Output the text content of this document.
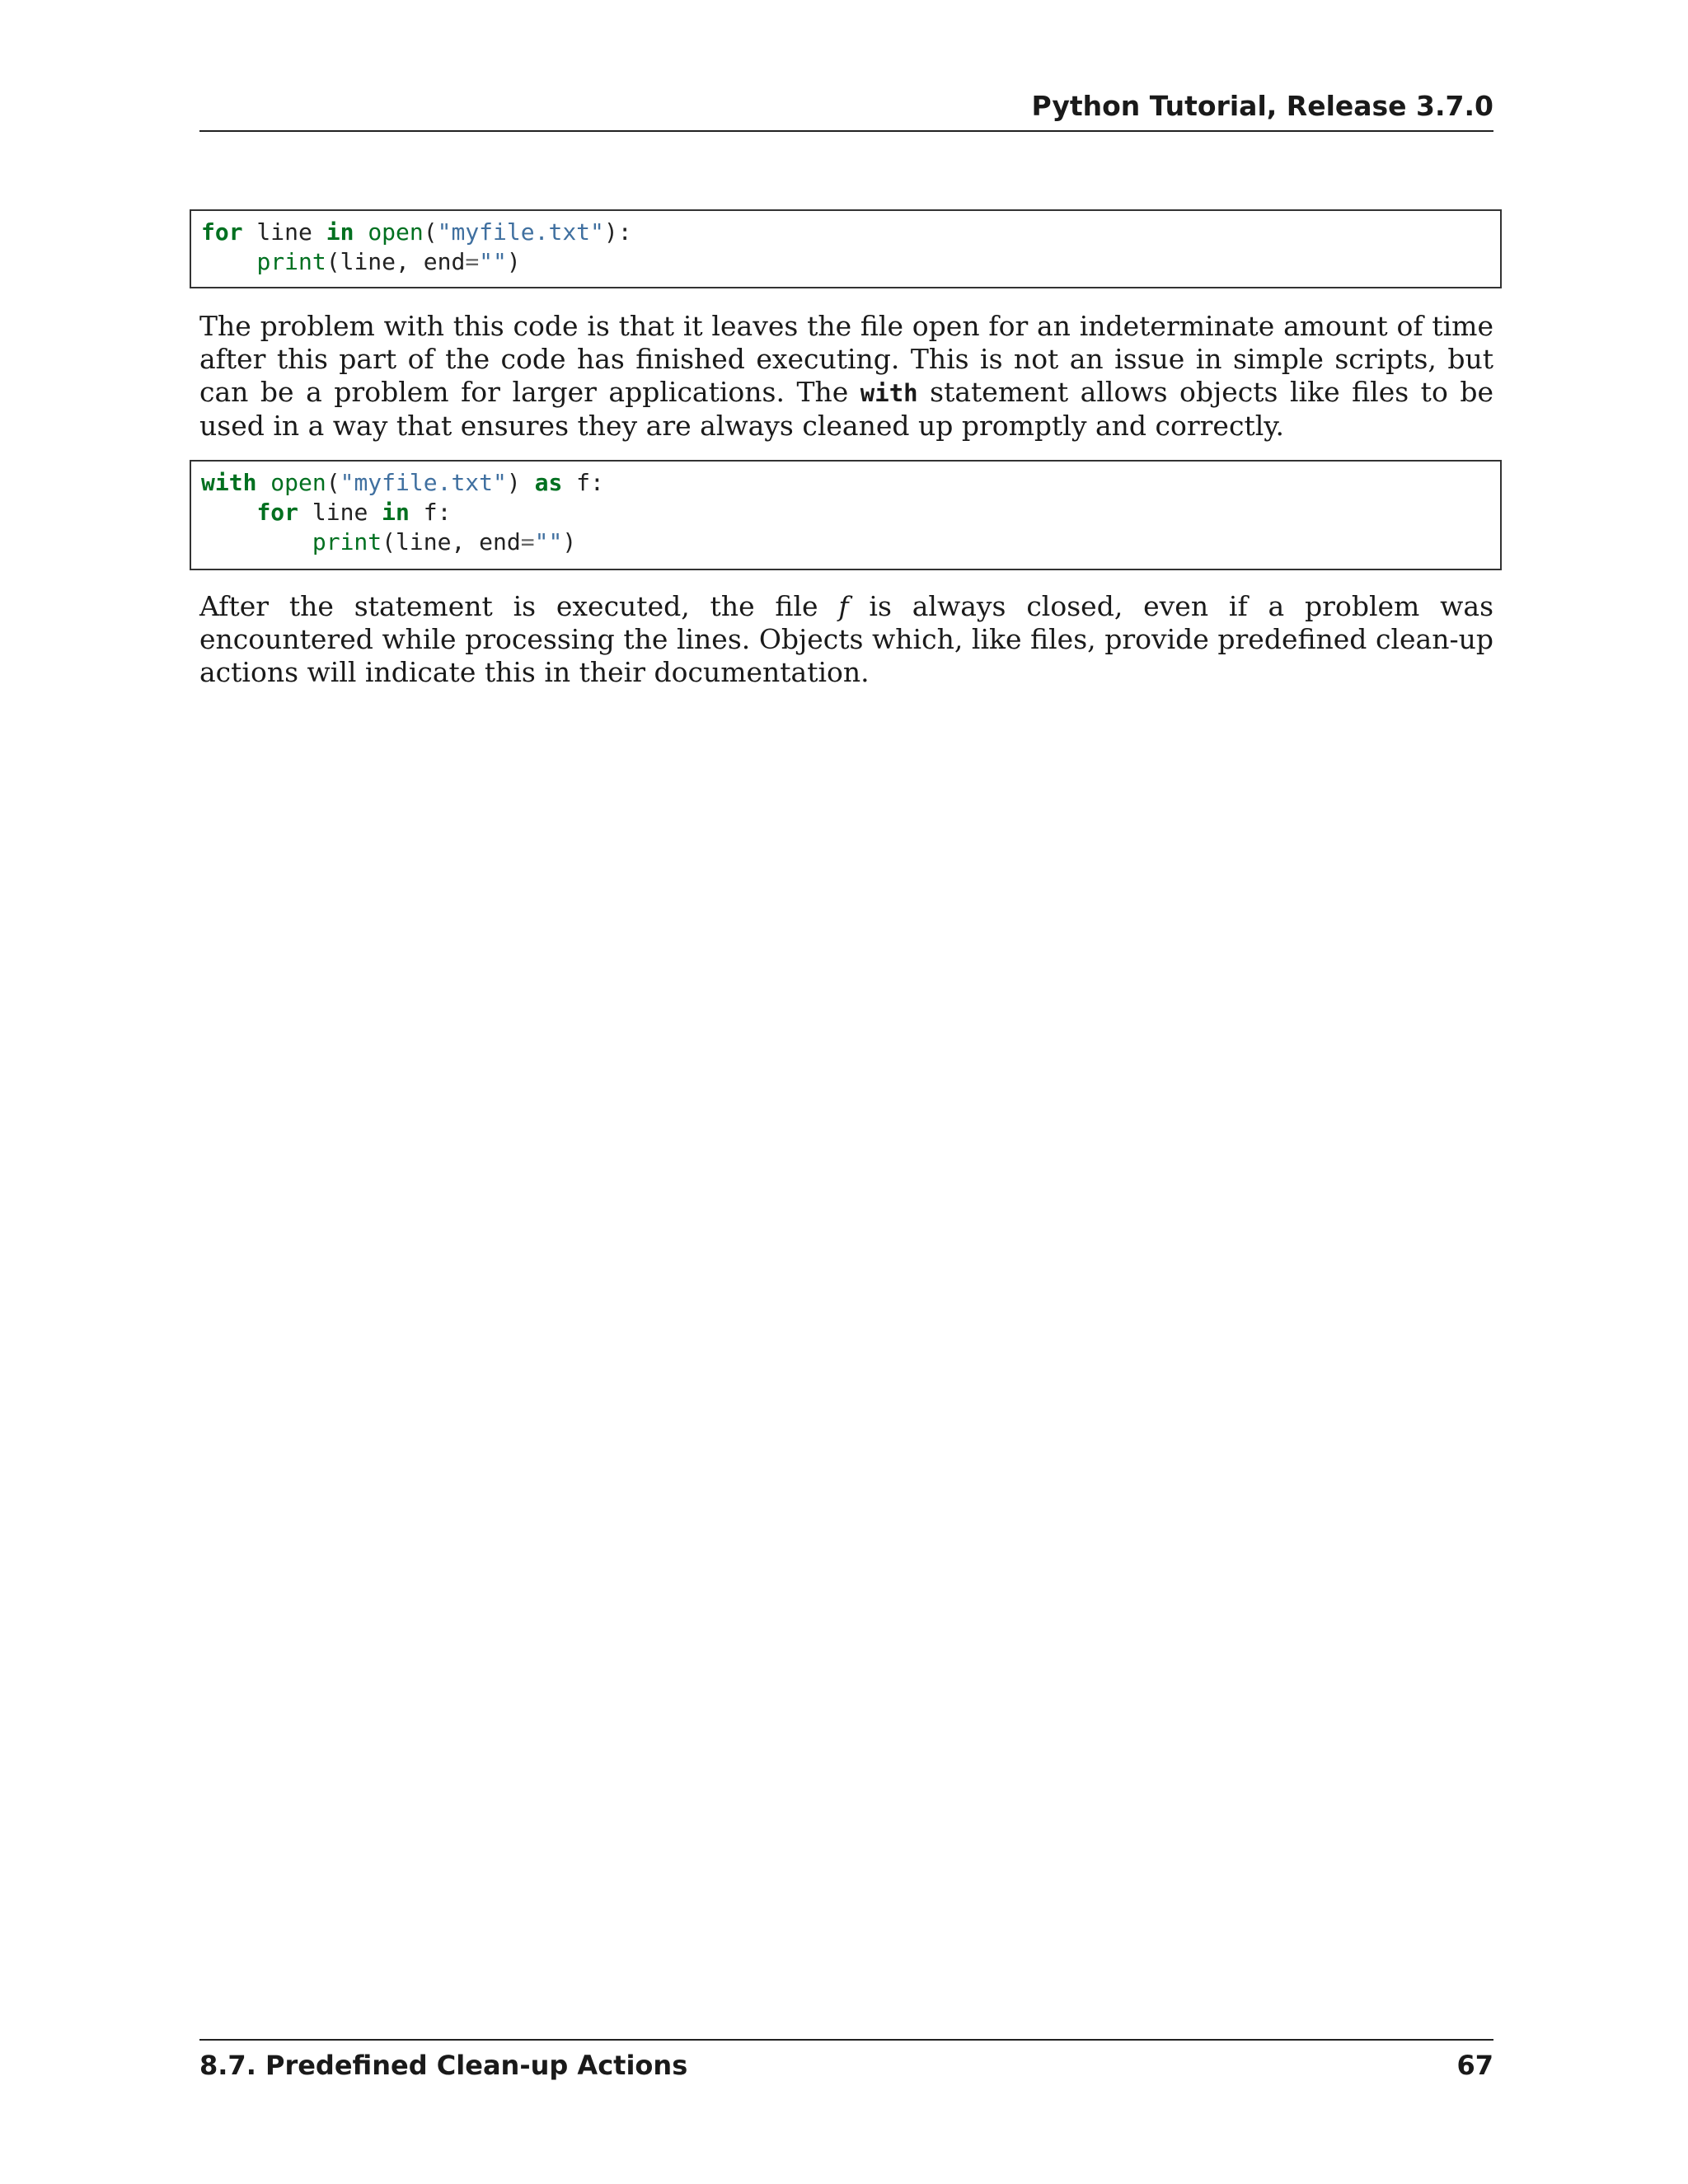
Python Tutorial, Release 3.7.0
for line in open("myfile.txt"):
print(line, end="")

The problem with this code is that it leaves the file open for an indeterminate amount of time after this part of the code has finished executing. This is not an issue in simple scripts, but can be a problem for larger applications. The with statement allows objects like files to be used in a way that ensures they are always cleaned up promptly and correctly.

with open("myfile.txt") as f:
for line in f:
print(line, end="")

After the statement is executed, the file f is always closed, even if a problem was encountered while processing the lines. Objects which, like files, provide predefined clean-up actions will indicate this in their documentation.

8.7. Predefined Clean-up Actions	67
